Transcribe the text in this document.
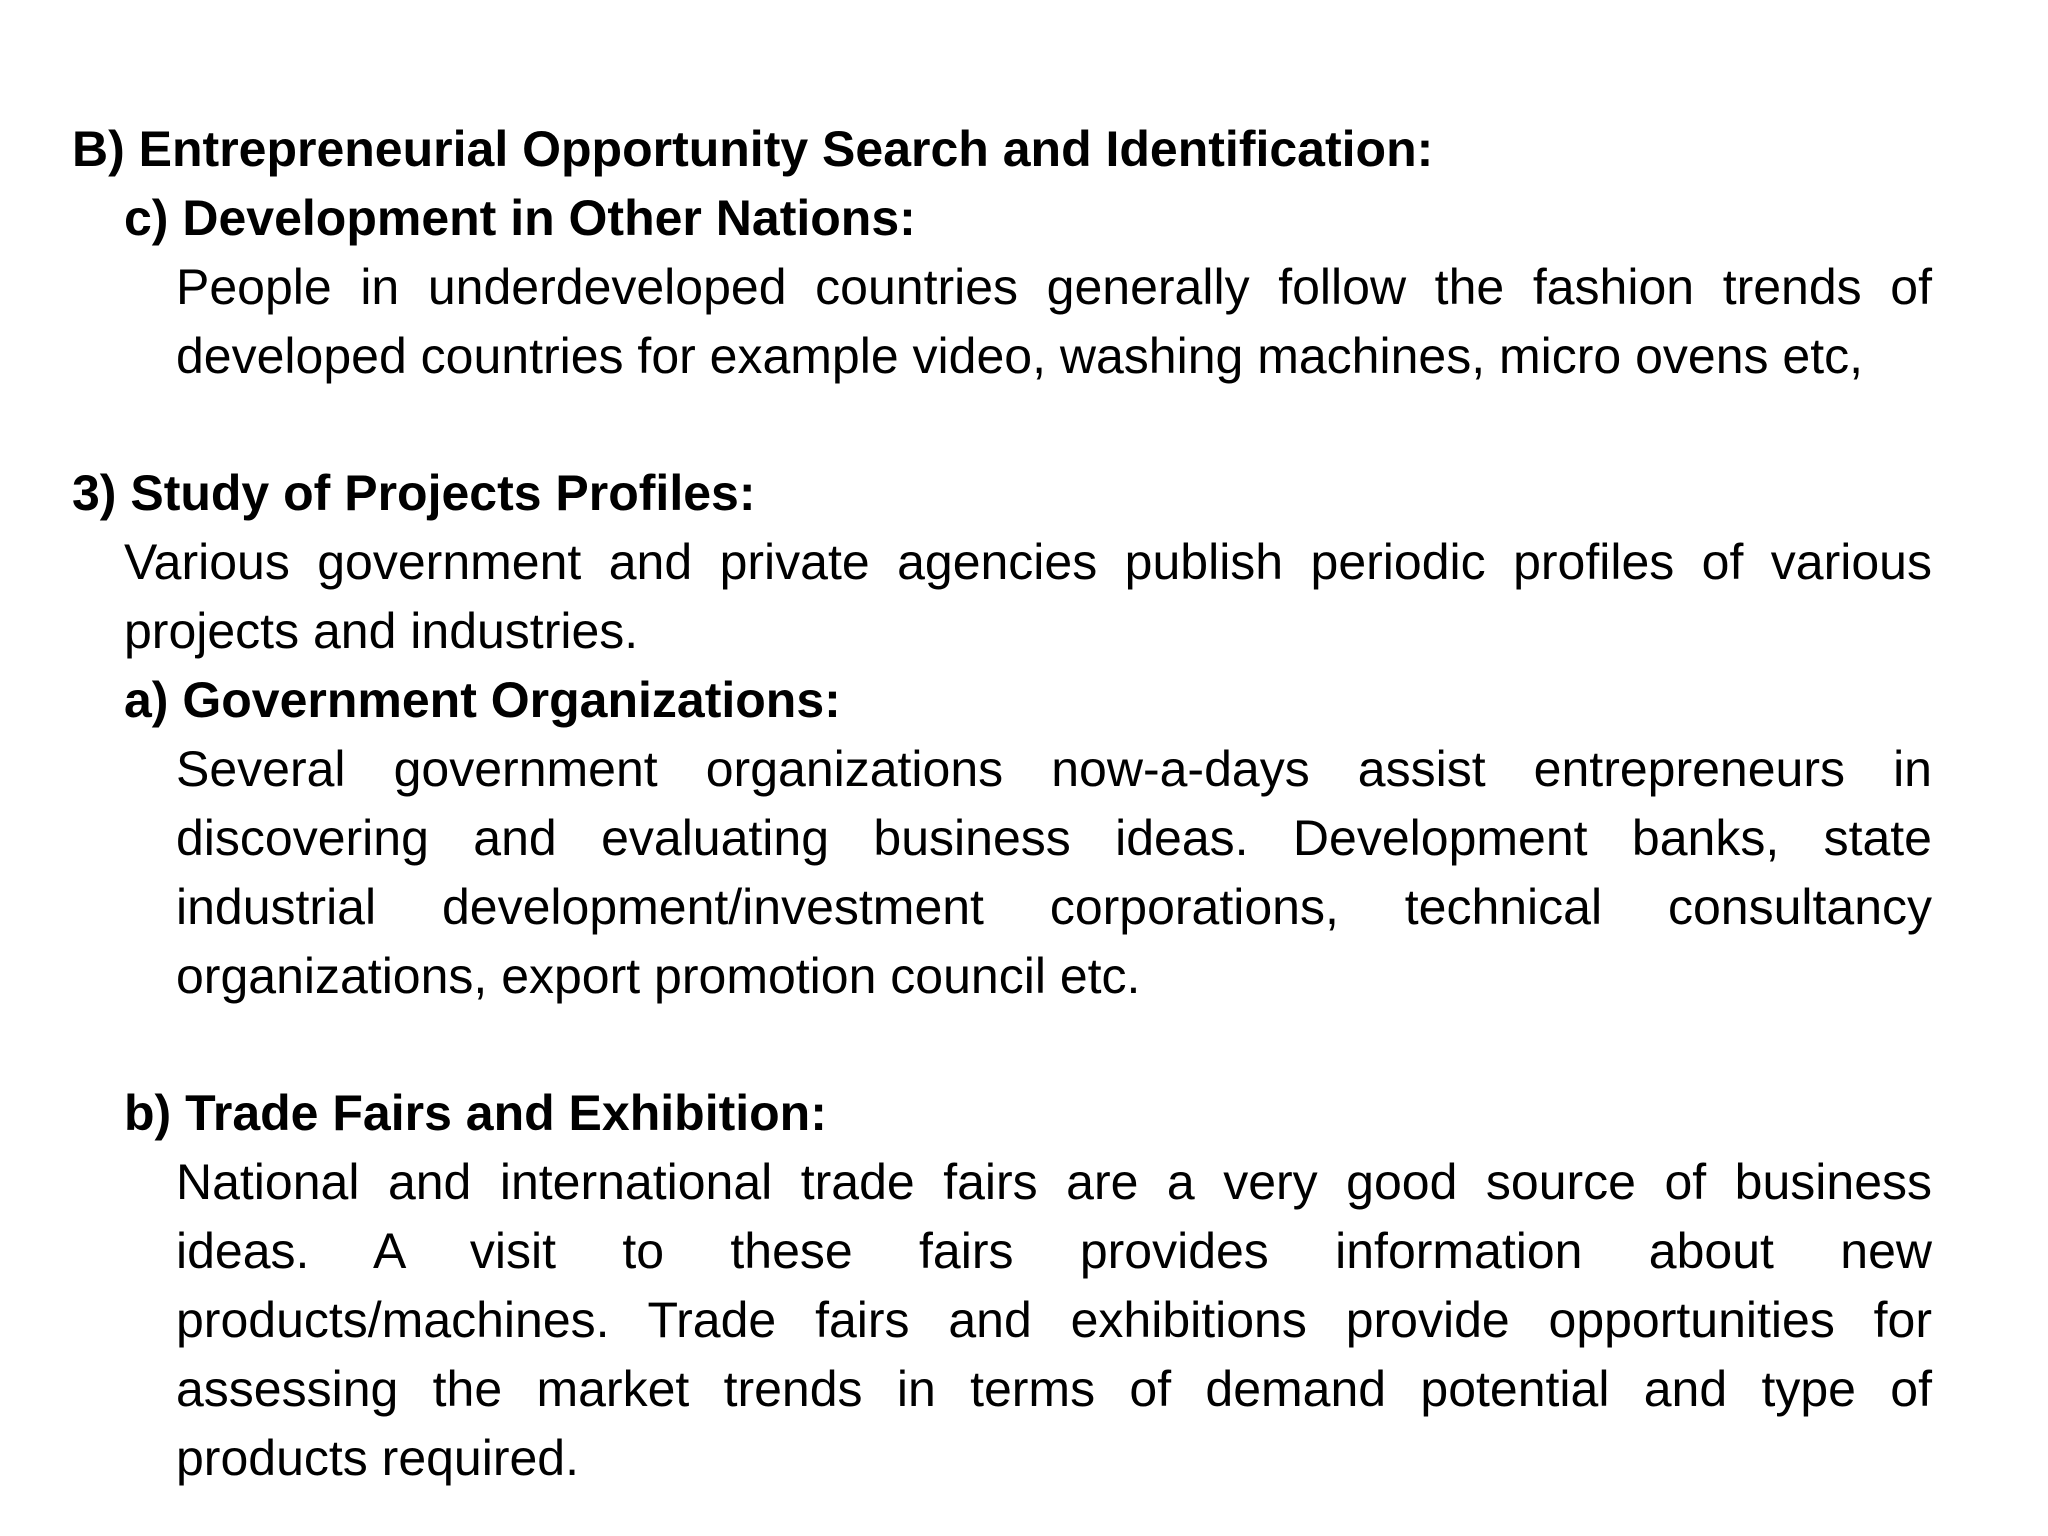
B) Entrepreneurial Opportunity Search and Identification:

c) Development in Other Nations:

People in underdeveloped countries generally follow the fashion trends of

developed countries for example video, washing machines, micro ovens etc,

3) Study of Projects Profiles:

Various government and private agencies publish periodic profiles of various

projects and industries.

a) Government Organizations:

Several government organizations now-a-days assist entrepreneurs in

discovering and evaluating business ideas. Development banks, state

industrial development/investment corporations, technical consultancy

organizations, export promotion council etc.

b) Trade Fairs and Exhibition:

National and international trade fairs are a very good source of business

ideas. A visit to these fairs provides information about new

products/machines. Trade fairs and exhibitions provide opportunities for

assessing the market trends in terms of demand potential and type of

products required.
